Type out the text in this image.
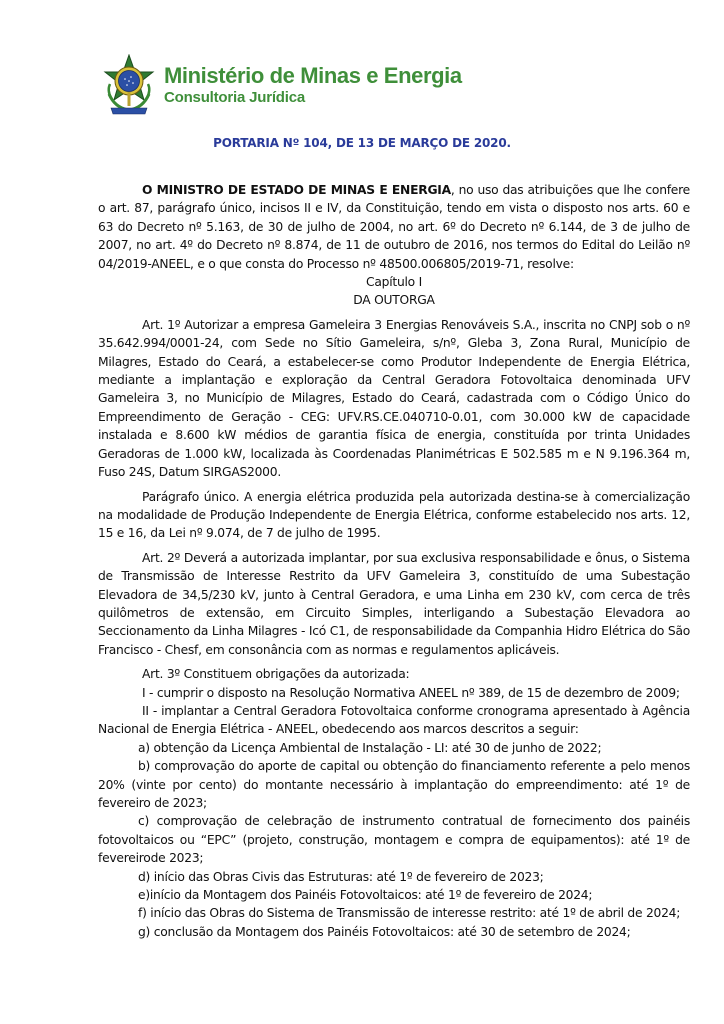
Ministério de Minas e Energia
Consultoria Jurídica
PORTARIA Nº 104, DE 13 DE MARÇO DE 2020.

O MINISTRO DE ESTADO DE MINAS E ENERGIA, no uso das atribuições que lhe confere o art. 87, parágrafo único, incisos II e IV, da Constituição, tendo em vista o disposto nos arts. 60 e 63 do Decreto nº 5.163, de 30 de julho de 2004, no art. 6º do Decreto nº 6.144, de 3 de julho de 2007, no art. 4º do Decreto nº 8.874, de 11 de outubro de 2016, nos termos do Edital do Leilão nº 04/2019-ANEEL, e o que consta do Processo nº 48500.006805/2019-71, resolve:

Capítulo I

DA OUTORGA

Art. 1º Autorizar a empresa Gameleira 3 Energias Renováveis S.A., inscrita no CNPJ sob o nº 35.642.994/0001-24, com Sede no Sítio Gameleira, s/nº, Gleba 3, Zona Rural, Município de Milagres, Estado do Ceará, a estabelecer-se como Produtor Independente de Energia Elétrica, mediante a implantação e exploração da Central Geradora Fotovoltaica denominada UFV Gameleira 3, no Município de Milagres, Estado do Ceará, cadastrada com o Código Único do Empreendimento de Geração - CEG: UFV.RS.CE.040710-0.01, com 30.000 kW de capacidade instalada e 8.600 kW médios de garantia física de energia, constituída por trinta Unidades Geradoras de 1.000 kW, localizada às Coordenadas Planimétricas E 502.585 m e N 9.196.364 m, Fuso 24S, Datum SIRGAS2000.

Parágrafo único. A energia elétrica produzida pela autorizada destina-se à comercialização na modalidade de Produção Independente de Energia Elétrica, conforme estabelecido nos arts. 12, 15 e 16, da Lei nº 9.074, de 7 de julho de 1995.

Art. 2º Deverá a autorizada implantar, por sua exclusiva responsabilidade e ônus, o Sistema de Transmissão de Interesse Restrito da UFV Gameleira 3, constituído de uma Subestação Elevadora de 34,5/230 kV, junto à Central Geradora, e uma Linha em 230 kV, com cerca de três quilômetros de extensão, em Circuito Simples, interligando a Subestação Elevadora ao Seccionamento da Linha Milagres - Icó C1, de responsabilidade da Companhia Hidro Elétrica do São Francisco - Chesf, em consonância com as normas e regulamentos aplicáveis.

Art. 3º Constituem obrigações da autorizada:

I - cumprir o disposto na Resolução Normativa ANEEL nº 389, de 15 de dezembro de 2009;

II - implantar a Central Geradora Fotovoltaica conforme cronograma apresentado à Agência Nacional de Energia Elétrica - ANEEL, obedecendo aos marcos descritos a seguir:

a) obtenção da Licença Ambiental de Instalação - LI: até 30 de junho de 2022;

b) comprovação do aporte de capital ou obtenção do financiamento referente a pelo menos 20% (vinte por cento) do montante necessário à implantação do empreendimento: até 1º de fevereiro de 2023;

c) comprovação de celebração de instrumento contratual de fornecimento dos painéis fotovoltaicos ou “EPC” (projeto, construção, montagem e compra de equipamentos): até 1º de fevereirode 2023;

d) início das Obras Civis das Estruturas: até 1º de fevereiro de 2023;

e)início da Montagem dos Painéis Fotovoltaicos: até 1º de fevereiro de 2024;

f) início das Obras do Sistema de Transmissão de interesse restrito: até 1º de abril de 2024;

g) conclusão da Montagem dos Painéis Fotovoltaicos: até 30 de setembro de 2024;
